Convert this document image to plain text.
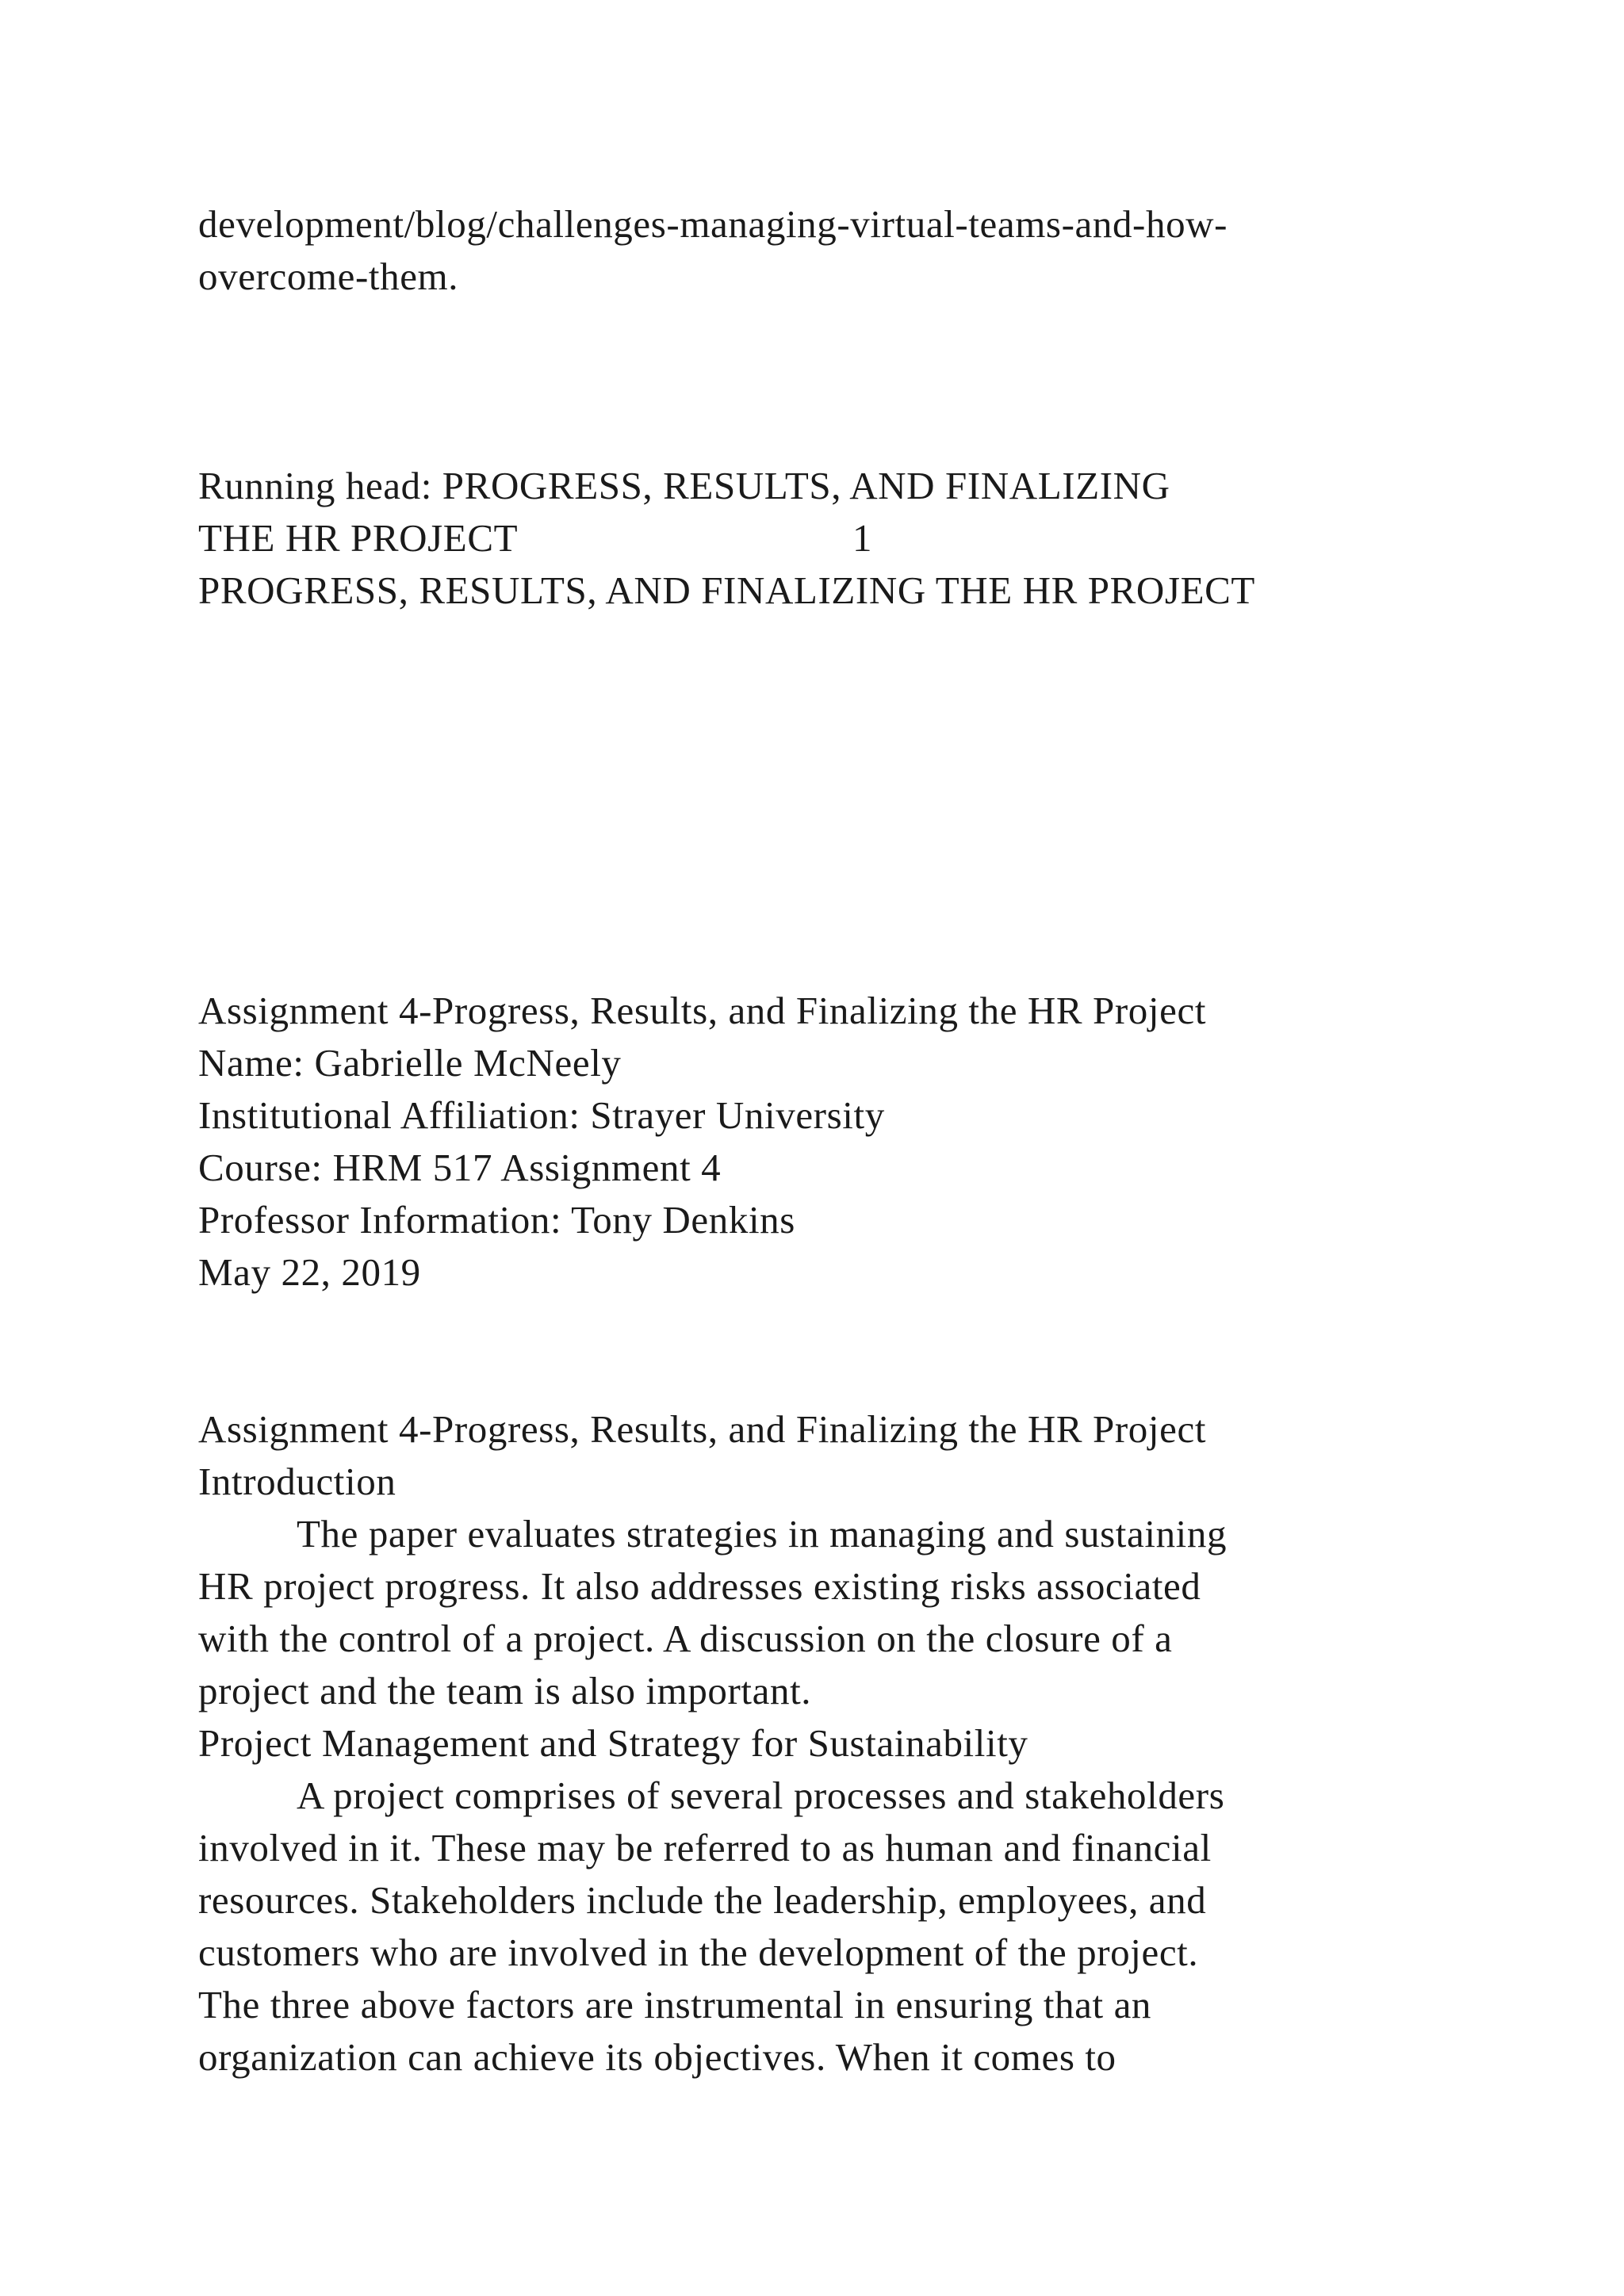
development/blog/challenges-managing-virtual-teams-and-how-

overcome-them.

Running head: PROGRESS, RESULTS, AND FINALIZING

THE HR PROJECT	1

PROGRESS, RESULTS, AND FINALIZING THE HR PROJECT

Assignment 4-Progress, Results, and Finalizing the HR Project

Name: Gabrielle McNeely

Institutional Affiliation: Strayer University

Course: HRM 517 Assignment 4

Professor Information: Tony Denkins

May 22, 2019

Assignment 4-Progress, Results, and Finalizing the HR Project

Introduction

The paper evaluates strategies in managing and sustaining

HR project progress. It also addresses existing risks associated

with the control of a project. A discussion on the closure of a

project and the team is also important.

Project Management and Strategy for Sustainability

A project comprises of several processes and stakeholders

involved in it. These may be referred to as human and financial

resources. Stakeholders include the leadership, employees, and

customers who are involved in the development of the project.

The three above factors are instrumental in ensuring that an

organization can achieve its objectives. When it comes to
